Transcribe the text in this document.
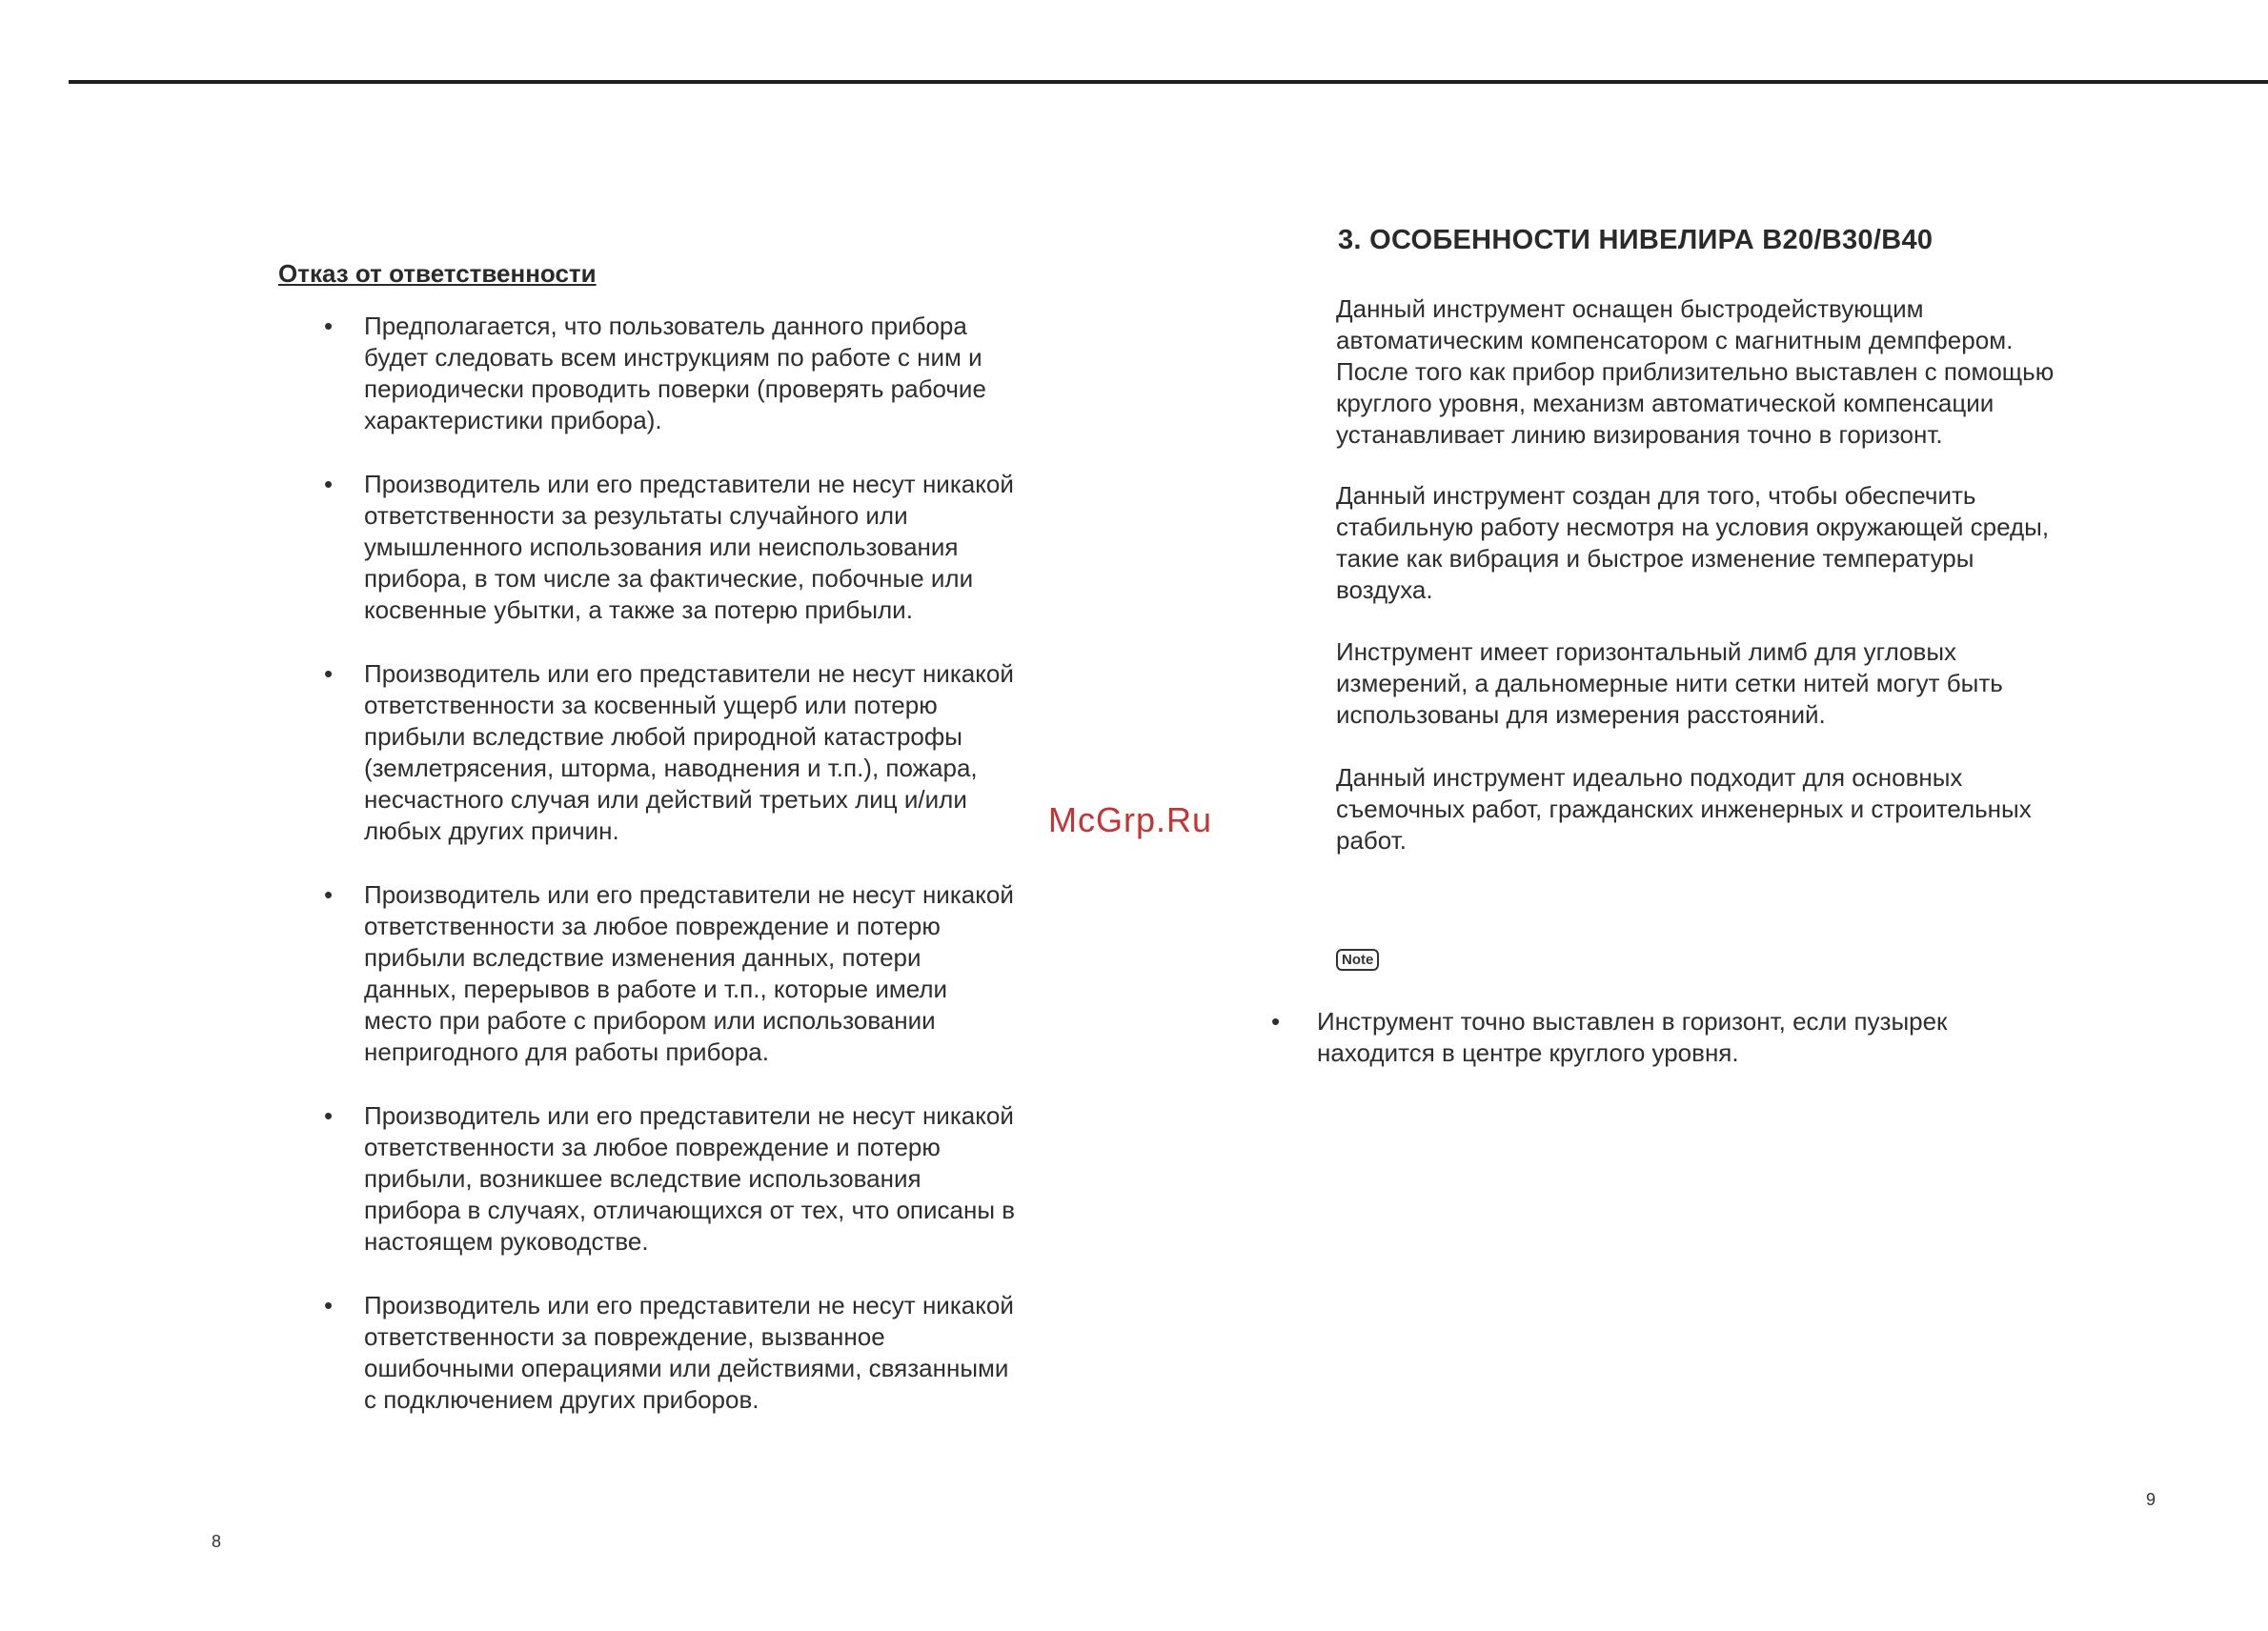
Отказ от ответственности
• Предполагается, что пользователь данного прибора
будет следовать всем инструкциям по работе с ним и
периодически проводить поверки (проверять рабочие
характеристики прибора).
• Производитель или его представители не несут никакой
ответственности за результаты случайного или
умышленного использования или неиспользования
прибора, в том числе за фактические, побочные или
косвенные убытки, а также за потерю прибыли.
• Производитель или его представители не несут никакой
ответственности за косвенный ущерб или потерю
прибыли вследствие любой природной катастрофы
(землетрясения, шторма, наводнения и т.п.), пожара,
несчастного случая или действий третьих лиц и/или
любых других причин.
• Производитель или его представители не несут никакой
ответственности за любое повреждение и потерю
прибыли вследствие изменения данных, потери
данных, перерывов в работе и т.п., которые имели
место при работе с прибором или использовании
непригодного для работы прибора.
• Производитель или его представители не несут никакой
ответственности за любое повреждение и потерю
прибыли, возникшее вследствие использования
прибора в случаях, отличающихся от тех, что описаны в
настоящем руководстве.
• Производитель или его представители не несут никакой
ответственности за повреждение, вызванное
ошибочными операциями или действиями, связанными
с подключением других приборов.
8
3. ОСОБЕННОСТИ НИВЕЛИРА B20/B30/B40
Данный инструмент оснащен быстродействующим
автоматическим компенсатором с магнитным демпфером.
После того как прибор приблизительно выставлен с помощью
круглого уровня, механизм автоматической компенсации
устанавливает линию визирования точно в горизонт.
Данный инструмент создан для того, чтобы обеспечить
стабильную работу несмотря на условия окружающей среды,
такие как вибрация и быстрое изменение температуры
воздуха.
Инструмент имеет горизонтальный лимб для угловых
измерений, а дальномерные нити сетки нитей могут быть
использованы для измерения расстояний.
Данный инструмент идеально подходит для основных
съемочных работ, гражданских инженерных и строительных
работ.
Note
• Инструмент точно выставлен в горизонт, если пузырек
находится в центре круглого уровня.
9
McGrp.Ru
